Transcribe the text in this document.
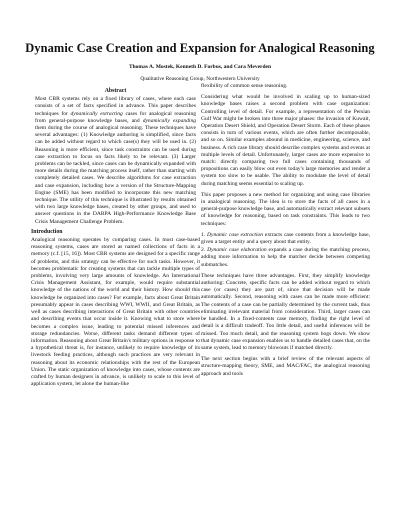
Dynamic Case Creation and Expansion for Analogical Reasoning
Thomas A. Mostek, Kenneth D. Forbus, and Cara Meverden
Qualitative Reasoning Group, Northwestern University
Abstract

Most CBR systems rely on a fixed library of cases, where each case consists of a set of facts specified in advance. This paper describes techniques for dynamically extracting cases for analogical reasoning from general-purpose knowledge bases, and dynamically expanding them during the course of analogical reasoning. These techniques have several advantages: (1) Knowledge authoring is simplified, since facts can be added without regard to which case(s) they will be used in. (2) Reasoning is more efficient, since task constraints can be used during case extraction to focus on facts likely to be relevant. (3) Larger problems can be tackled, since cases can be dynamically expanded with more details during the matching process itself, rather than starting with completely detailed cases. We describe algorithms for case extraction and case expansion, including how a version of the Structure-Mapping Engine (SME) has been modified to incorporate this new matching technique. The utility of this technique is illustrated by results obtained with two large knowledge bases, created by other groups, and used to answer questions in the DARPA High-Performance Knowledge Base Crisis Management Challenge Problem.

Introduction

Analogical reasoning operates by comparing cases. In most case-based reasoning systems, cases are stored as named collections of facts in a memory (c.f. [15, 16]). Most CBR systems are designed for a specific range of problems, and this strategy can be effective for such tasks. However, it becomes problematic for creating systems that can tackle multiple types of problems, involving very large amounts of knowledge. An International Crisis Management Assistant, for example, would require substantial knowledge of the nations of the world and their history. How should this knowledge be organized into cases? For example, facts about Great Britain presumably appear in cases describing WWI, WWII, and Great Britain, as well as cases describing interactions of Great Britain with other countries and describing events that occur inside it. Knowing what to store where becomes a complex issue, leading to potential missed inferences and storage redundancies. Worse, different tasks demand different types of information. Reasoning about Great Britain's military options in response to a hypothetical threat is, for instance, unlikely to require knowledge of its livestock feeding practices, although such practices are very relevant in reasoning about its economic relationships with the rest of the European Union. The static organization of knowledge into cases, whose contents are crafted by human designers in advance, is unlikely to scale to this level of application system, let alone the human-like

flexibility of common sense reasoning.

Considering what would be involved in scaling up to human-sized knowledge bases raises a second problem with case organization: Controlling level of detail. For example, a representation of the Persian Gulf War might be broken into three major phases: the invasion of Kuwait, Operation Desert Shield, and Operation Desert Storm. Each of these phases consists in turn of various events, which are often further decomposable, and so on. Similar examples abound in medicine, engineering, science, and business. A rich case library should describe complex systems and events at multiple levels of detail. Unfortunately, larger cases are more expensive to match: directly comparing two full cases containing thousands of propositions can easily blow out even today's large memories and render a system too slow to be usable. The ability to modulate the level of detail during matching seems essential to scaling up.

This paper proposes a new method for organizing and using case libraries in analogical reasoning. The idea is to store the facts of all cases in a general-purpose knowledge base, and automatically extract relevant subsets of knowledge for reasoning, based on task constraints. This leads to two techniques:

1. Dynamic case extraction extracts case contents from a knowledge base, given a target entity and a query about that entity.

2. Dynamic case elaboration expands a case during the matching process, adding more information to help the matcher decide between competing submatches.

These techniques have three advantages. First, they simplify knowledge authoring: Concrete, specific facts can be added without regard to which case (or cases) they are part of, since that decision will be made automatically. Second, reasoning with cases can be made more efficient: The contents of a case can be partially determined by the current task, thus eliminating irrelevant material from consideration. Third, larger cases can be handled. In a fixed-contents case memory, finding the right level of detail is a difficult tradeoff. Too little detail, and useful inferences will be missed. Too much detail, and the reasoning system bogs down. We show that dynamic case expansion enables us to handle detailed cases that, on the same system, lead to memory blowouts if matched directly.

The next section begins with a brief review of the relevant aspects of structure-mapping theory, SME, and MAC/FAC, the analogical reasoning approach and tools
